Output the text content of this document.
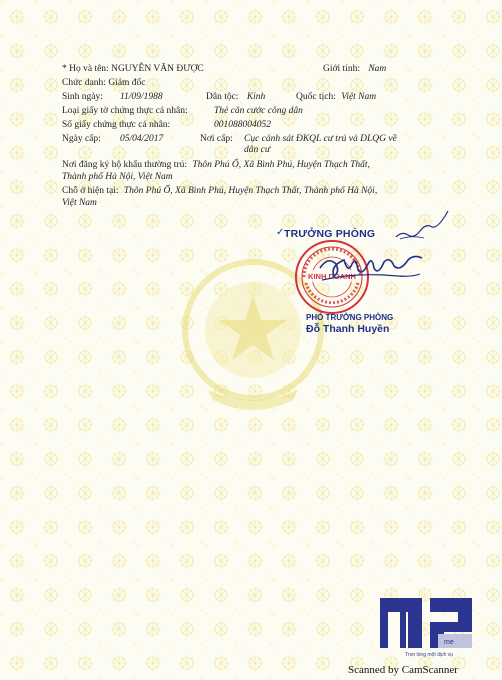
* Họ và tên: NGUYỄN VĂN ĐƯỢC	Giới tính: Nam
Chức danh: Giám đốc
Sinh ngày: 11/09/1988	Dân tộc: Kinh	Quốc tịch: Việt Nam
Loại giấy tờ chứng thực cá nhân:	Thẻ căn cước công dân
Số giấy chứng thực cá nhân:	001088004052
Ngày cấp: 05/04/2017	Nơi cấp: Cục cảnh sát ĐKQL cư trú và DLQG về
dân cư
Nơi đăng ký hộ khẩu thường trú: Thôn Phú Ổ, Xã Bình Phú, Huyện Thạch Thất,
Thành phố Hà Nội, Việt Nam
Chỗ ở hiện tại: Thôn Phú Ổ, Xã Bình Phú, Huyện Thạch Thất, Thành phố Hà Nội,
Việt Nam
✓ TRƯỞNG PHÒNG
KINH DOANH
PHÓ TRƯỞNG PHÒNG
Đỗ Thanh Huyền
me
Trọn lòng một dịch vụ
Scanned by CamScanner
